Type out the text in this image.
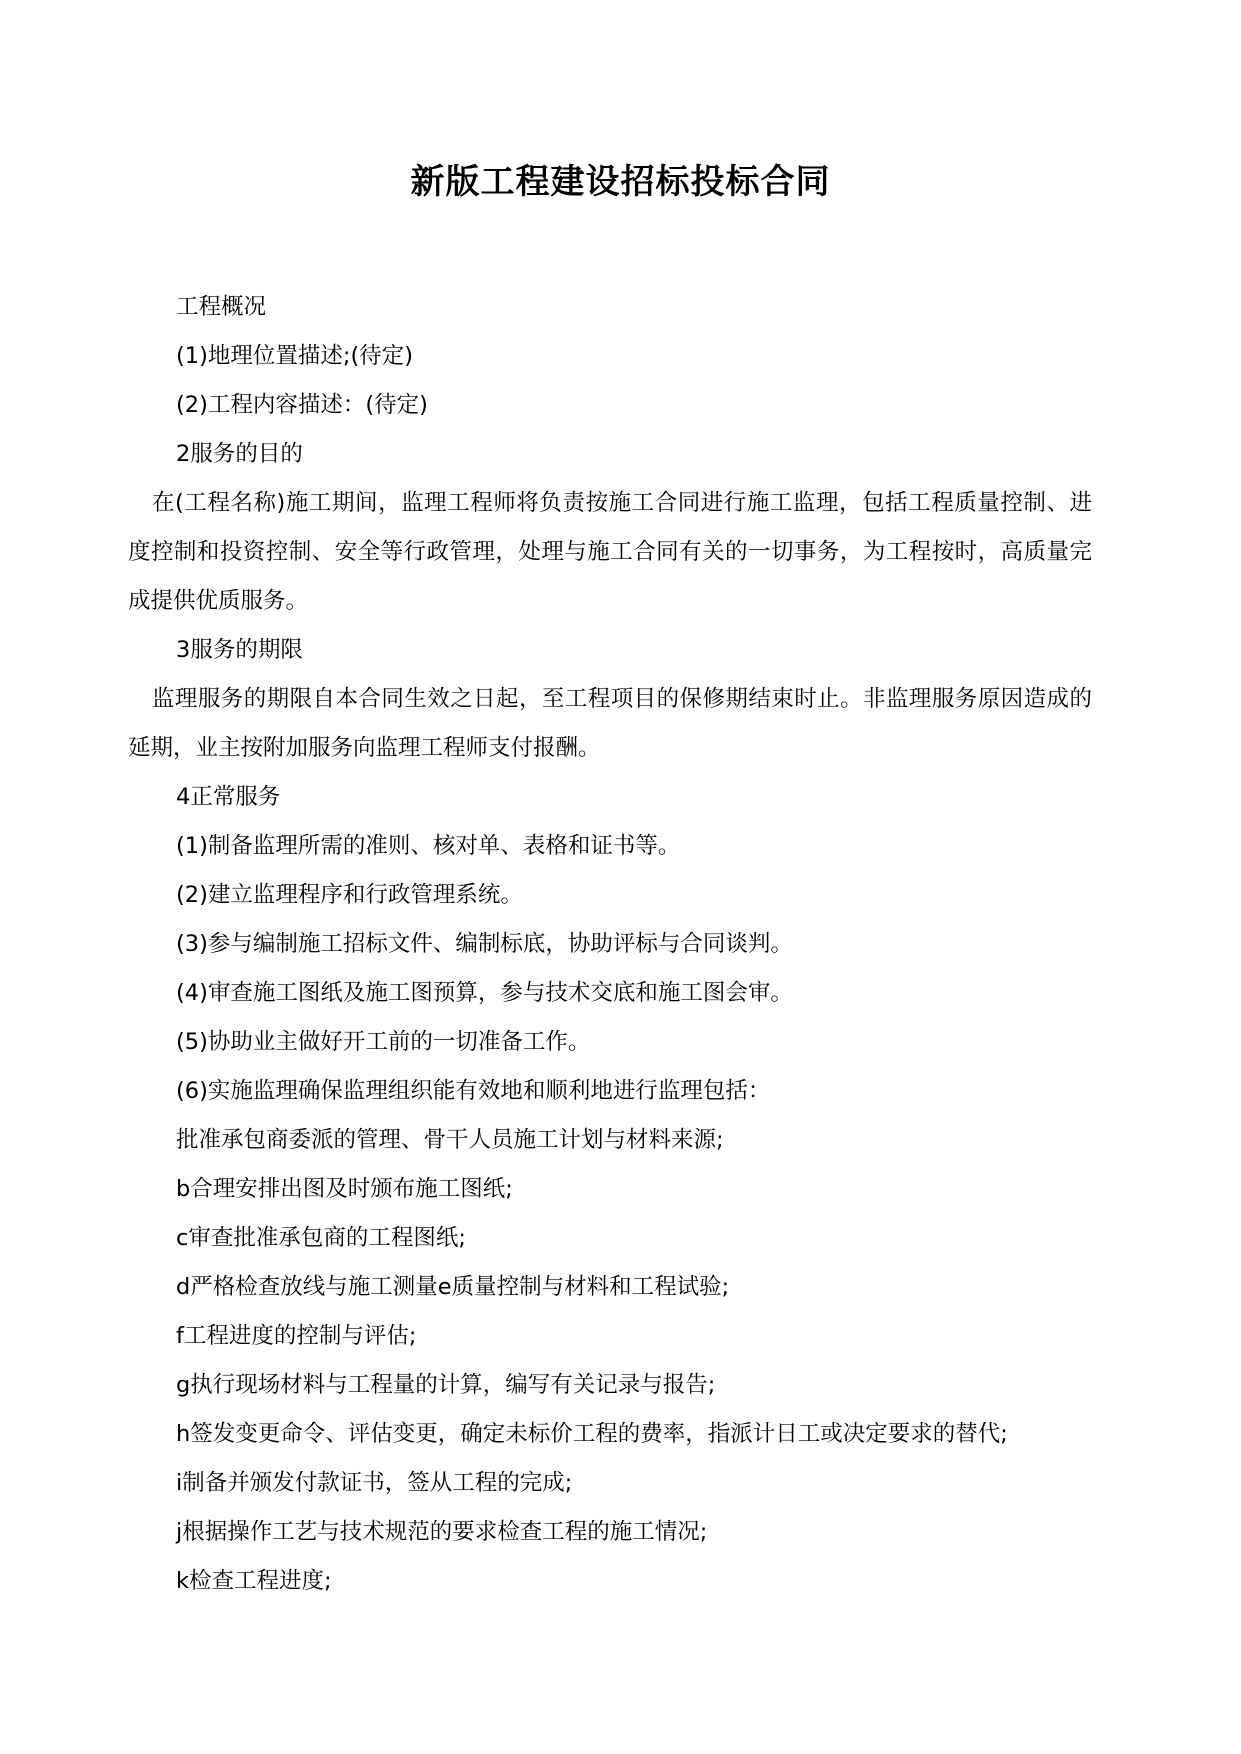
新版工程建设招标投标合同
工程概况
(1)地理位置描述;(待定)
(2)工程内容描述：(待定)
2服务的目的
在(工程名称)施工期间，监理工程师将负责按施工合同进行施工监理，包括工程质量控制、进度控制和投资控制、安全等行政管理，处理与施工合同有关的一切事务，为工程按时，高质量完成提供优质服务。
3服务的期限
监理服务的期限自本合同生效之日起，至工程项目的保修期结束时止。非监理服务原因造成的延期，业主按附加服务向监理工程师支付报酬。
4正常服务
(1)制备监理所需的准则、核对单、表格和证书等。
(2)建立监理程序和行政管理系统。
(3)参与编制施工招标文件、编制标底，协助评标与合同谈判。
(4)审查施工图纸及施工图预算，参与技术交底和施工图会审。
(5)协助业主做好开工前的一切准备工作。
(6)实施监理确保监理组织能有效地和顺利地进行监理包括：
批准承包商委派的管理、骨干人员施工计划与材料来源;
b合理安排出图及时颁布施工图纸;
c审查批准承包商的工程图纸;
d严格检查放线与施工测量e质量控制与材料和工程试验;
f工程进度的控制与评估;
g执行现场材料与工程量的计算，编写有关记录与报告;
h签发变更命令、评估变更，确定未标价工程的费率，指派计日工或决定要求的替代;
i制备并颁发付款证书，签从工程的完成;
j根据操作工艺与技术规范的要求检查工程的施工情况;
k检查工程进度;
